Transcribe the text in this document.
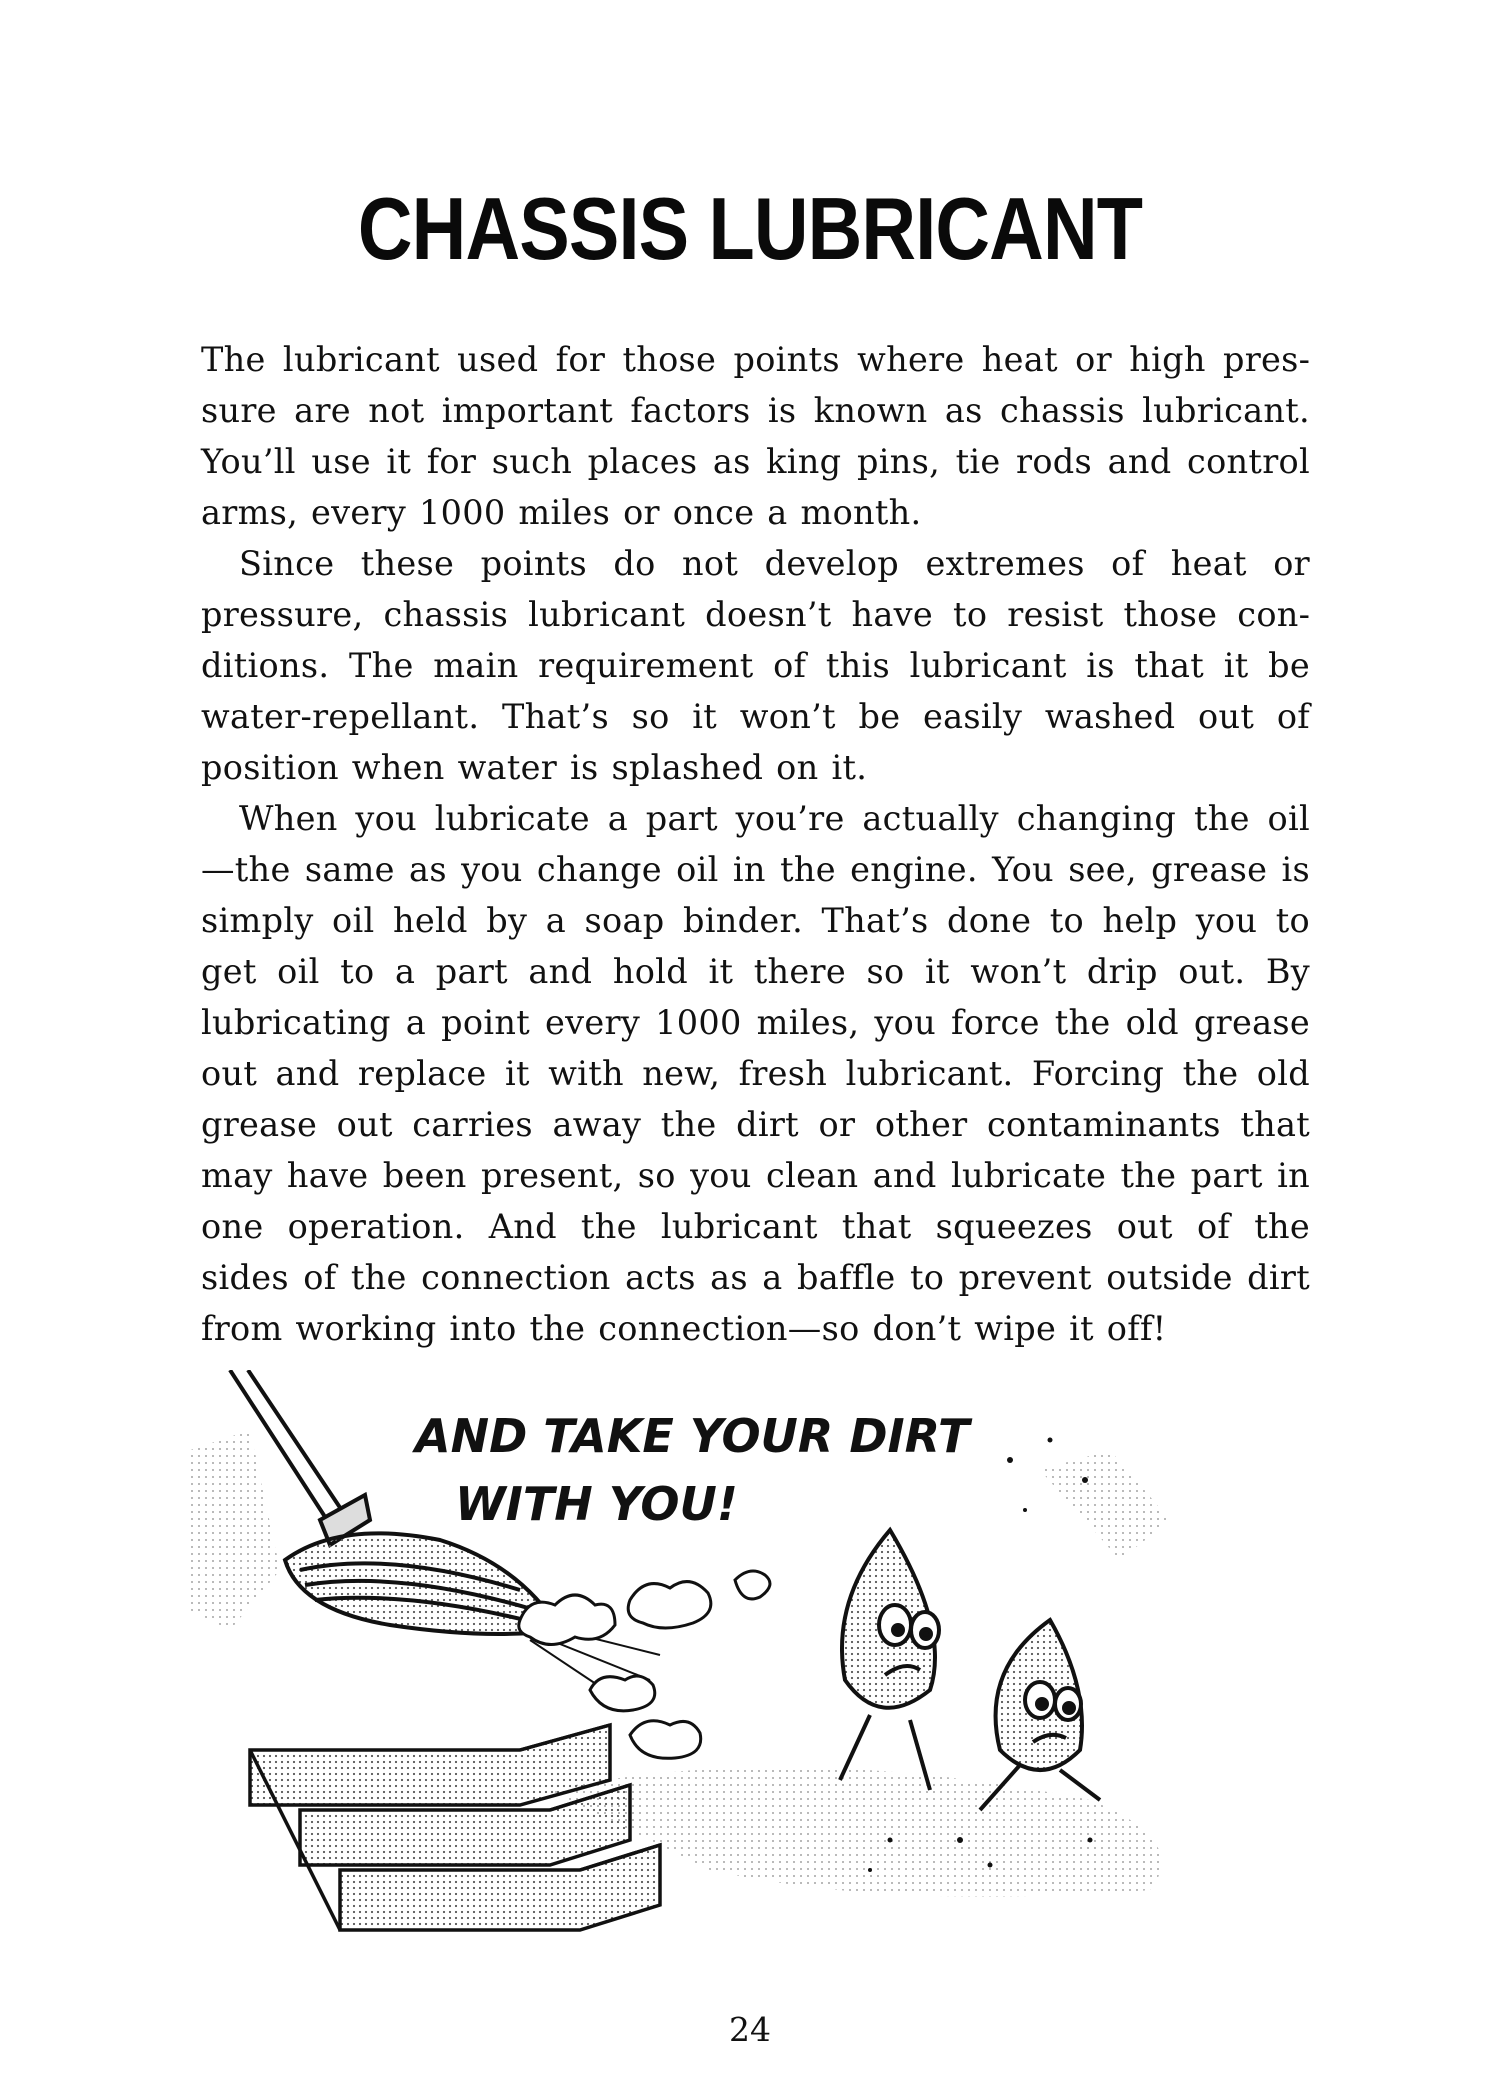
CHASSIS LUBRICANT

The lubricant used for those points where heat or high pressure are not important factors is known as chassis lubricant. You’ll use it for such places as king pins, tie rods and control arms, every 1000 miles or once a month.

Since these points do not develop extremes of heat or pressure, chassis lubricant doesn’t have to resist those conditions. The main requirement of this lubricant is that it be water-repellant. That’s so it won’t be easily washed out of position when water is splashed on it.

When you lubricate a part you’re actually changing the oil —the same as you change oil in the engine. You see, grease is simply oil held by a soap binder. That’s done to help you to get oil to a part and hold it there so it won’t drip out. By lubricating a point every 1000 miles, you force the old grease out and replace it with new, fresh lubricant. Forcing the old grease out carries away the dirt or other contaminants that may have been present, so you clean and lubricate the part in one operation. And the lubricant that squeezes out of the sides of the connection acts as a baffle to prevent outside dirt from working into the connection—so don’t wipe it off!

AND TAKE YOUR DIRT
WITH YOU!
24
